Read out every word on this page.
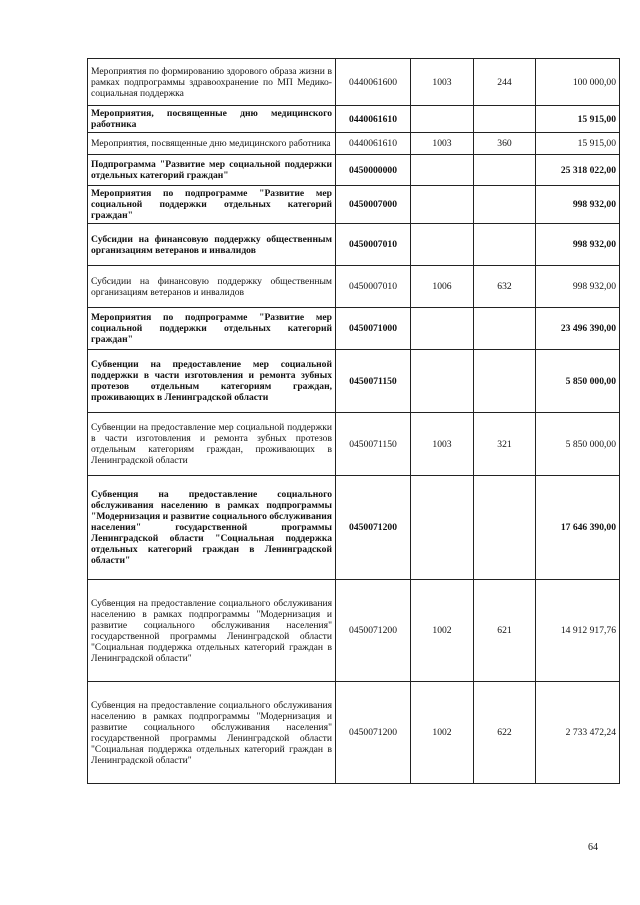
Мероприятия по формированию здорового образа жизни в рамках подпрограммы здравоохранение по МП Медико-социальная поддержка	0440061600	1003	244	100 000,00
Мероприятия, посвященные дню медицинского работника	0440061610			15 915,00
Мероприятия, посвященные дню медицинского работника	0440061610	1003	360	15 915,00
Подпрограмма "Развитие мер социальной поддержки отдельных категорий граждан"	0450000000			25 318 022,00
Мероприятия по подпрограмме "Развитие мер социальной поддержки отдельных категорий граждан"	0450007000			998 932,00
Субсидии на финансовую поддержку общественным организациям ветеранов и инвалидов	0450007010			998 932,00
Субсидии на финансовую поддержку общественным организациям ветеранов и инвалидов	0450007010	1006	632	998 932,00
Мероприятия по подпрограмме "Развитие мер социальной поддержки отдельных категорий граждан"	0450071000			23 496 390,00
Субвенции на предоставление мер социальной поддержки в части изготовления и ремонта зубных протезов отдельным категориям граждан, проживающих в Ленинградской области	0450071150			5 850 000,00
Субвенции на предоставление мер социальной поддержки в части изготовления и ремонта зубных протезов отдельным категориям граждан, проживающих в Ленинградской области	0450071150	1003	321	5 850 000,00
Субвенция на предоставление социального обслуживания населению в рамках подпрограммы "Модернизация и развитие социального обслуживания населения" государственной программы Ленинградской области "Социальная поддержка отдельных категорий граждан в Ленинградской области"	0450071200			17 646 390,00
Субвенция на предоставление социального обслуживания населению в рамках подпрограммы "Модернизация и развитие социального обслуживания населения" государственной программы Ленинградской области "Социальная поддержка отдельных категорий граждан в Ленинградской области"	0450071200	1002	621	14 912 917,76
Субвенция на предоставление социального обслуживания населению в рамках подпрограммы "Модернизация и развитие социального обслуживания населения" государственной программы Ленинградской области "Социальная поддержка отдельных категорий граждан в Ленинградской области"	0450071200	1002	622	2 733 472,24
64
